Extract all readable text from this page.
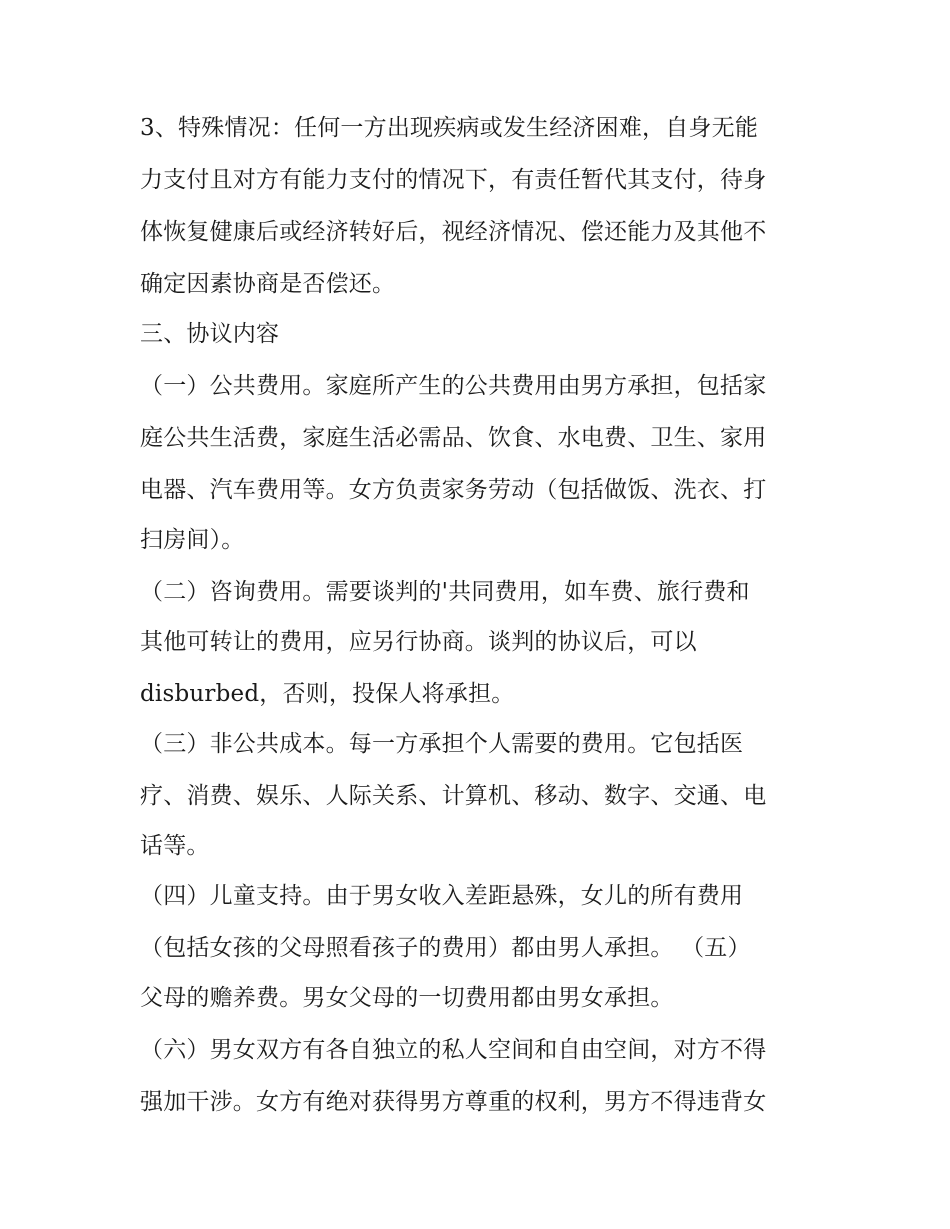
3、特殊情况：任何一方出现疾病或发生经济困难，自身无能
力支付且对方有能力支付的情况下，有责任暂代其支付，待身
体恢复健康后或经济转好后，视经济情况、偿还能力及其他不
确定因素协商是否偿还。
三、协议内容
（一）公共费用。家庭所产生的公共费用由男方承担，包括家
庭公共生活费，家庭生活必需品、饮食、水电费、卫生、家用
电器、汽车费用等。女方负责家务劳动（包括做饭、洗衣、打
扫房间）。
（二）咨询费用。需要谈判的'共同费用，如车费、旅行费和
其他可转让的费用，应另行协商。谈判的协议后，可以
disburbed，否则，投保人将承担。
（三）非公共成本。每一方承担个人需要的费用。它包括医
疗、消费、娱乐、人际关系、计算机、移动、数字、交通、电
话等。
（四）儿童支持。由于男女收入差距悬殊，女儿的所有费用
（包括女孩的父母照看孩子的费用）都由男人承担。 （五）
父母的赡养费。男女父母的一切费用都由男女承担。
（六）男女双方有各自独立的私人空间和自由空间，对方不得
强加干涉。女方有绝对获得男方尊重的权利，男方不得违背女
